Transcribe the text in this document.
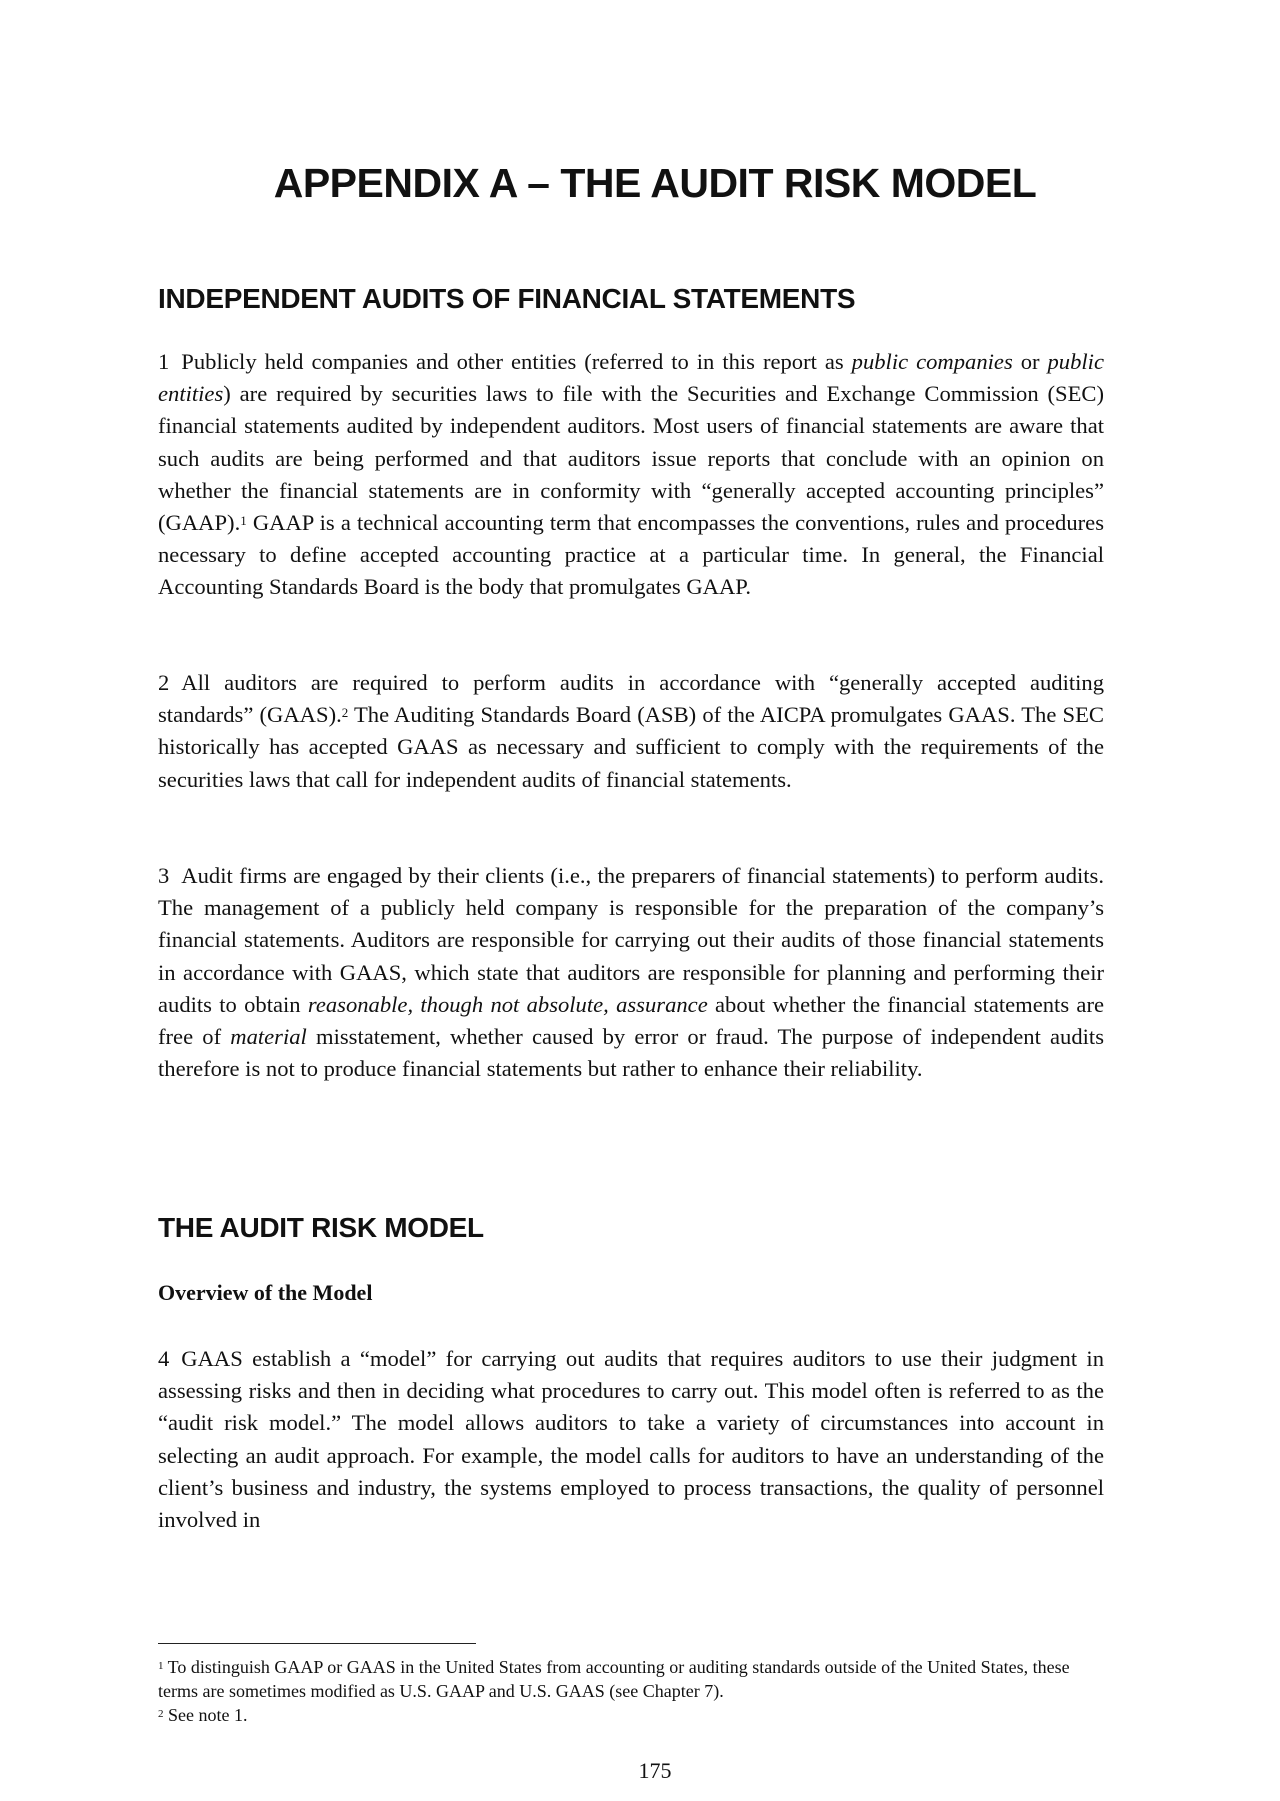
APPENDIX A – THE AUDIT RISK MODEL
INDEPENDENT AUDITS OF FINANCIAL STATEMENTS

1 Publicly held companies and other entities (referred to in this report as public companies or public entities) are required by securities laws to file with the Securities and Exchange Commission (SEC) financial statements audited by independent auditors. Most users of financial statements are aware that such audits are being performed and that auditors issue reports that conclude with an opinion on whether the financial statements are in conformity with “generally accepted accounting principles” (GAAP).$^1$ GAAP is a technical accounting term that encompasses the conventions, rules and procedures necessary to define accepted accounting practice at a particular time. In general, the Financial Accounting Standards Board is the body that promulgates GAAP.

2 All auditors are required to perform audits in accordance with “generally accepted auditing standards” (GAAS).$^2$ The Auditing Standards Board (ASB) of the AICPA promulgates GAAS. The SEC historically has accepted GAAS as necessary and sufficient to comply with the requirements of the securities laws that call for independent audits of financial statements.

3 Audit firms are engaged by their clients (i.e., the preparers of financial statements) to perform audits. The management of a publicly held company is responsible for the preparation of the company’s financial statements. Auditors are responsible for carrying out their audits of those financial statements in accordance with GAAS, which state that auditors are responsible for planning and performing their audits to obtain reasonable, though not absolute, assurance about whether the financial statements are free of material misstatement, whether caused by error or fraud. The purpose of independent audits therefore is not to produce financial statements but rather to enhance their reliability.

THE AUDIT RISK MODEL
Overview of the Model

4 GAAS establish a “model” for carrying out audits that requires auditors to use their judgment in assessing risks and then in deciding what procedures to carry out. This model often is referred to as the “audit risk model.” The model allows auditors to take a variety of circumstances into account in selecting an audit approach. For example, the model calls for auditors to have an understanding of the client’s business and industry, the systems employed to process transactions, the quality of personnel involved in

$^1$ To distinguish GAAP or GAAS in the United States from accounting or auditing standards outside of the United States, these terms are sometimes modified as U.S. GAAP and U.S. GAAS (see Chapter 7).

$^2$ See note 1.

175
